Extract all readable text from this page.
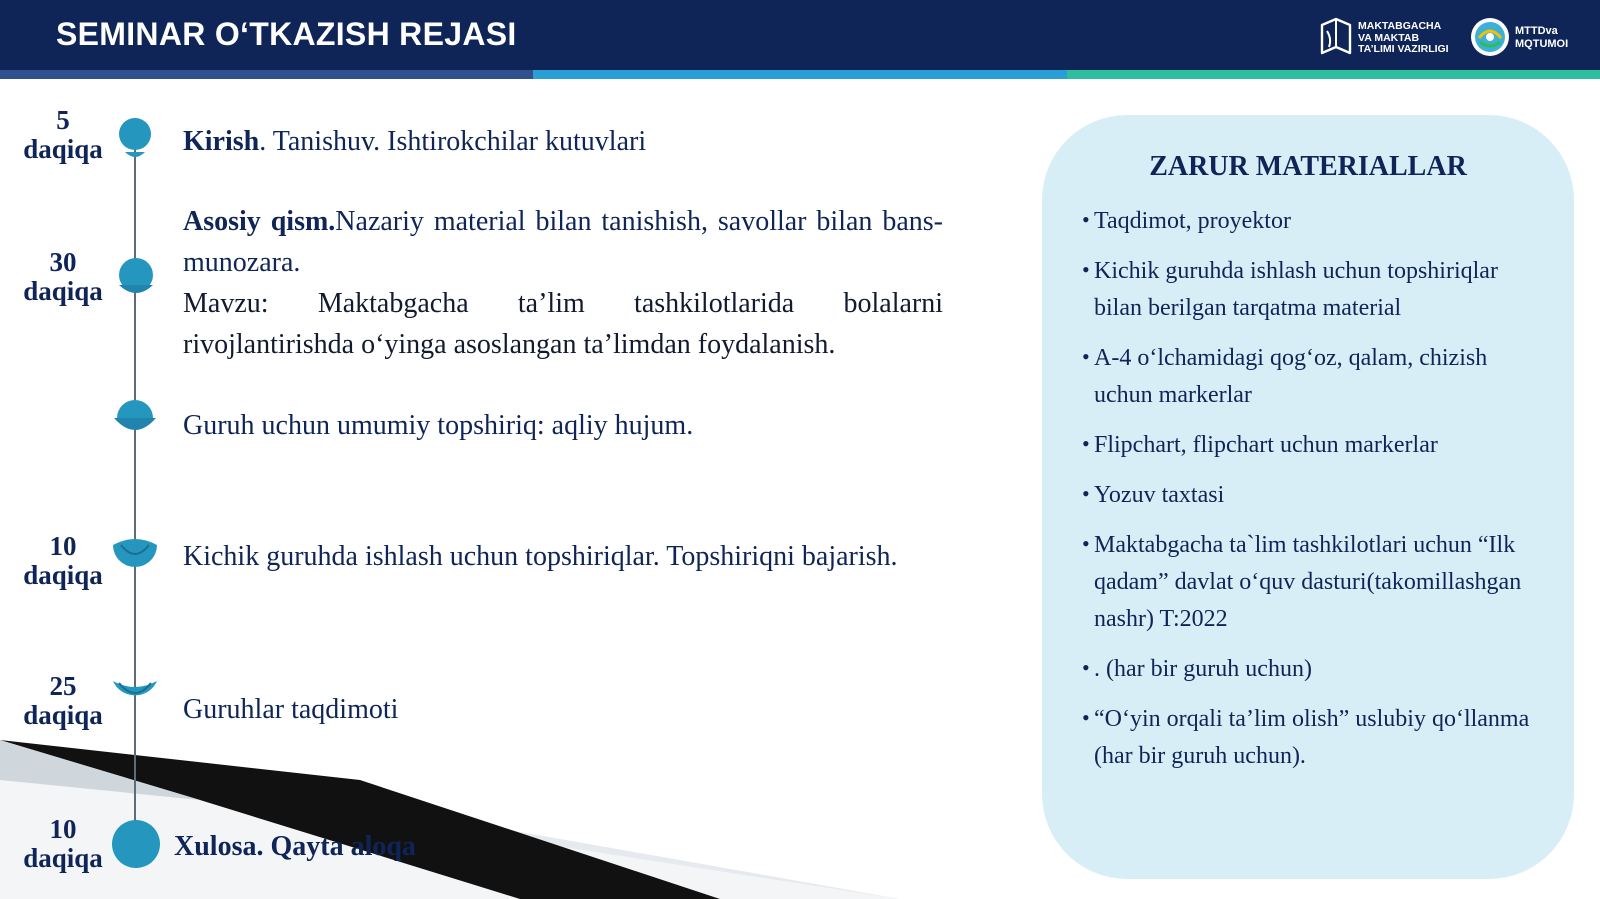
SEMINAR O‘TKAZISH REJASI	MAKTABGACHA
VA MAKTAB
TA’LIMI VAZIRLIGI
MTTDva
MQTUMOI
5
daqiqa
30
daqiqa
10
daqiqa
25
daqiqa
10
daqiqa
Kirish. Tanishuv. Ishtirokchilar kutuvlari
Asosiy qism.Nazariy material bilan tanishish, savollar bilan bans-munozara.
Mavzu: Maktabgacha ta’lim tashkilotlarida bolalarni rivojlantirishda o‘yinga asoslangan ta’limdan foydalanish.
Guruh uchun umumiy topshiriq: aqliy hujum.
Kichik guruhda ishlash uchun topshiriqlar. Topshiriqni bajarish.
Guruhlar taqdimoti
Xulosa. Qayta aloqa
ZARUR MATERIALLAR
• Taqdimot, proyektor
• Kichik guruhda ishlash uchun topshiriqlar bilan berilgan tarqatma material
• A-4 o‘lchamidagi qog‘oz, qalam, chizish uchun markerlar
• Flipchart, flipchart uchun markerlar
• Yozuv taxtasi
• Maktabgacha ta`lim tashkilotlari uchun “Ilk qadam” davlat o‘quv dasturi(takomillashgan nashr) T:2022
• . (har bir guruh uchun)
• “O‘yin orqali ta’lim olish” uslubiy qo‘llanma (har bir guruh uchun).
